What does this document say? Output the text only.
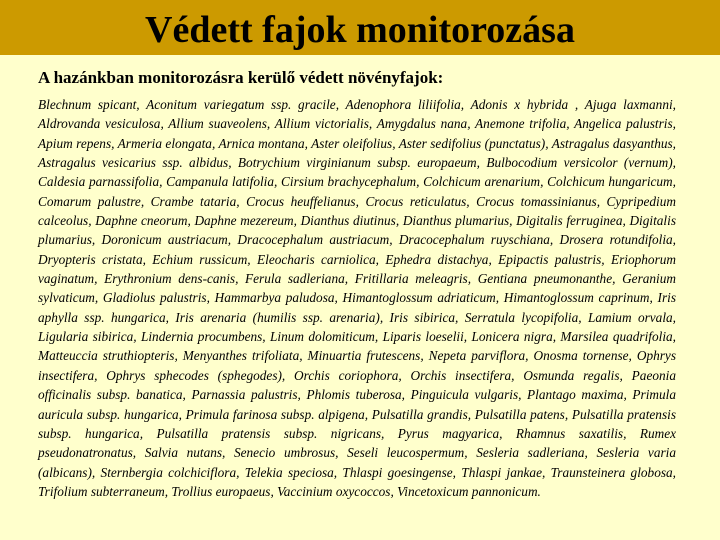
Védett fajok monitorozása
A hazánkban monitorozásra kerülő védett növényfajok:

Blechnum spicant, Aconitum variegatum ssp. gracile, Adenophora liliifolia, Adonis x hybrida , Ajuga laxmanni, Aldrovanda vesiculosa, Allium suaveolens, Allium victorialis, Amygdalus nana, Anemone trifolia, Angelica palustris, Apium repens, Armeria elongata, Arnica montana, Aster oleifolius, Aster sedifolius (punctatus), Astragalus dasyanthus, Astragalus vesicarius ssp. albidus, Botrychium virginianum subsp. europaeum, Bulbocodium versicolor (vernum), Caldesia parnassifolia, Campanula latifolia, Cirsium brachycephalum, Colchicum arenarium, Colchicum hungaricum, Comarum palustre, Crambe tataria, Crocus heuffelianus, Crocus reticulatus, Crocus tomassinianus, Cypripedium calceolus, Daphne cneorum, Daphne mezereum, Dianthus diutinus, Dianthus plumarius, Digitalis ferruginea, Digitalis plumarius, Doronicum austriacum, Dracocephalum austriacum, Dracocephalum ruyschiana, Drosera rotundifolia, Dryopteris cristata, Echium russicum, Eleocharis carniolica, Ephedra distachya, Epipactis palustris, Eriophorum vaginatum, Erythronium dens-canis, Ferula sadleriana, Fritillaria meleagris, Gentiana pneumonanthe, Geranium sylvaticum, Gladiolus palustris, Hammarbya paludosa, Himantoglossum adriaticum, Himantoglossum caprinum, Iris aphylla ssp. hungarica, Iris arenaria (humilis ssp. arenaria), Iris sibirica, Serratula lycopifolia, Lamium orvala, Ligularia sibirica, Lindernia procumbens, Linum dolomiticum, Liparis loeselii, Lonicera nigra, Marsilea quadrifolia, Matteuccia struthiopteris, Menyanthes trifoliata, Minuartia frutescens, Nepeta parviflora, Onosma tornense, Ophrys insectifera, Ophrys sphecodes (sphegodes), Orchis coriophora, Orchis insectifera, Osmunda regalis, Paeonia officinalis subsp. banatica, Parnassia palustris, Phlomis tuberosa, Pinguicula vulgaris, Plantago maxima, Primula auricula subsp. hungarica, Primula farinosa subsp. alpigena, Pulsatilla grandis, Pulsatilla patens, Pulsatilla pratensis subsp. hungarica, Pulsatilla pratensis subsp. nigricans, Pyrus magyarica, Rhamnus saxatilis, Rumex pseudonatronatus, Salvia nutans, Senecio umbrosus, Seseli leucospermum, Sesleria sadleriana, Sesleria varia (albicans), Sternbergia colchiciflora, Telekia speciosa, Thlaspi goesingense, Thlaspi jankae, Traunsteinera globosa, Trifolium subterraneum, Trollius europaeus, Vaccinium oxycoccos, Vincetoxicum pannonicum.
